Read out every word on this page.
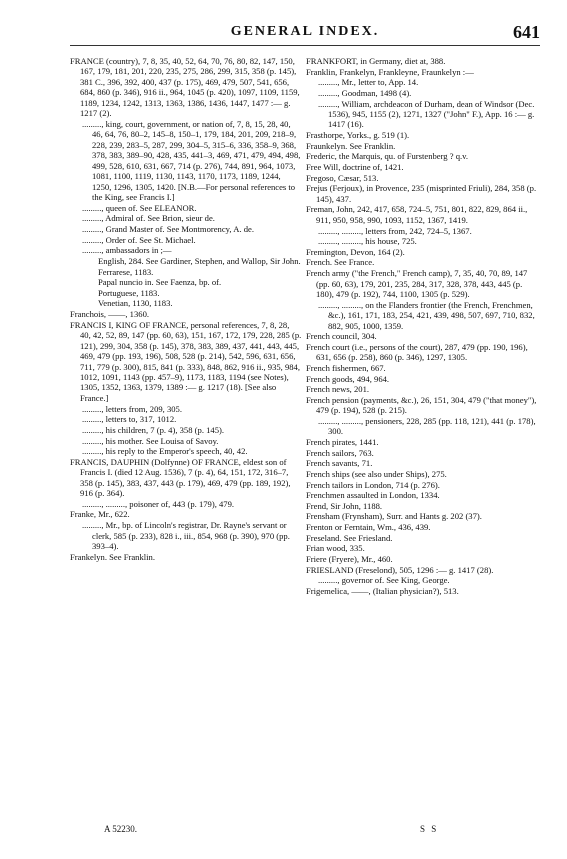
GENERAL INDEX.	641

FRANCE (country), 7, 8, 35, 40, 52, 64, 70, 76, 80, 82, 147, 150, 167, 179, 181, 201, 220, 235, 275, 286, 299, 315, 358 (p. 145), 381 C., 396, 392, 400, 437 (p. 175), 469, 479, 507, 541, 656, 684, 860 (p. 346), 916 ii., 964, 1045 (p. 420), 1097, 1109, 1159, 1189, 1234, 1242, 1313, 1363, 1386, 1436, 1447, 1477 :— g. 1217 (2).

........., king, court, government, or nation of, 7, 8, 15, 28, 40, 46, 64, 76, 80–2, 145–8, 150–1, 179, 184, 201, 209, 218–9, 228, 239, 283–5, 287, 299, 304–5, 315–6, 336, 358–9, 368, 378, 383, 389–90, 428, 435, 441–3, 469, 471, 479, 494, 498, 499, 528, 610, 631, 667, 714 (p. 276), 744, 891, 964, 1073, 1081, 1100, 1119, 1130, 1143, 1170, 1173, 1189, 1244, 1250, 1296, 1305, 1420. [N.B.—For personal references to the King, see Francis I.]

........., queen of. See ELEANOR.

........., Admiral of. See Brion, sieur de.

........., Grand Master of. See Montmorency, A. de.

........., Order of. See St. Michael.

........., ambassadors in ;—

English, 284. See Gardiner, Stephen, and Wallop, Sir John.

Ferrarese, 1183.

Papal nuncio in. See Faenza, bp. of.

Portuguese, 1183.

Venetian, 1130, 1183.

Franchois, ——, 1360.

FRANCIS I, KING OF FRANCE, personal references, 7, 8, 28, 40, 42, 52, 89, 147 (pp. 60, 63), 151, 167, 172, 179, 228, 285 (p. 121), 299, 304, 358 (p. 145), 378, 383, 389, 437, 441, 443, 445, 469, 479 (pp. 193, 196), 508, 528 (p. 214), 542, 596, 631, 656, 711, 779 (p. 300), 815, 841 (p. 333), 848, 862, 916 ii., 935, 984, 1012, 1091, 1143 (pp. 457–9), 1173, 1183, 1194 (see Notes), 1305, 1352, 1363, 1379, 1389 :— g. 1217 (18). [See also France.]

........., letters from, 209, 305.

........., letters to, 317, 1012.

........., his children, 7 (p. 4), 358 (p. 145).

........., his mother. See Louisa of Savoy.

........., his reply to the Emperor's speech, 40, 42.

FRANCIS, DAUPHIN (Dolfynne) OF FRANCE, eldest son of Francis I. (died 12 Aug. 1536), 7 (p. 4), 64, 151, 172, 316–7, 358 (p. 145), 383, 437, 443 (p. 179), 469, 479 (pp. 189, 192), 916 (p. 364).

........., ........., poisoner of, 443 (p. 179), 479.

Franke, Mr., 622.

........., Mr., bp. of Lincoln's registrar, Dr. Rayne's servant or clerk, 585 (p. 233), 828 i., iii., 854, 968 (p. 390), 970 (pp. 393–4).

Frankelyn. See Franklin.

FRANKFORT, in Germany, diet at, 388.

Franklin, Frankelyn, Frankleyne, Fraunkelyn :—

........., Mr., letter to, App. 14.

........., Goodman, 1498 (4).

........., William, archdeacon of Durham, dean of Windsor (Dec. 1536), 945, 1155 (2), 1271, 1327 ("John" F.), App. 16 :— g. 1417 (16).

Frasthorpe, Yorks., g. 519 (1).

Fraunkelyn. See Franklin.

Frederic, the Marquis, qu. of Furstenberg ? q.v.

Free Will, doctrine of, 1421.

Fregoso, Cæsar, 513.

Frejus (Ferjoux), in Provence, 235 (misprinted Friuli), 284, 358 (p. 145), 437.

Freman, John, 242, 417, 658, 724–5, 751, 801, 822, 829, 864 ii., 911, 950, 958, 990, 1093, 1152, 1367, 1419.

........., ........., letters from, 242, 724–5, 1367.

........., ........., his house, 725.

Fremington, Devon, 164 (2).

French. See France.

French army ("the French," French camp), 7, 35, 40, 70, 89, 147 (pp. 60, 63), 179, 201, 235, 284, 317, 328, 378, 443, 445 (p. 180), 479 (p. 192), 744, 1100, 1305 (p. 529).

........., ........., on the Flanders frontier (the French, Frenchmen, &c.), 161, 171, 183, 254, 421, 439, 498, 507, 697, 710, 832, 882, 905, 1000, 1359.

French council, 304.

French court (i.e., persons of the court), 287, 479 (pp. 190, 196), 631, 656 (p. 258), 860 (p. 346), 1297, 1305.

French fishermen, 667.

French goods, 494, 964.

French news, 201.

French pension (payments, &c.), 26, 151, 304, 479 ("that money"), 479 (p. 194), 528 (p. 215).

........., ........., pensioners, 228, 285 (pp. 118, 121), 441 (p. 178), 300.

French pirates, 1441.

French sailors, 763.

French savants, 71.

French ships (see also under Ships), 275.

French tailors in London, 714 (p. 276).

Frenchmen assaulted in London, 1334.

Frend, Sir John, 1188.

Frensham (Frynsham), Surr. and Hants g. 202 (37).

Frenton or Ferntain, Wm., 436, 439.

Freseland. See Friesland.

Frian wood, 335.

Friere (Fryere), Mr., 460.

FRIESLAND (Freselond), 505, 1296 :— g. 1417 (28).

........., governor of. See King, George.

Frigemelica, ——, (Italian physician?), 513.

A 52230.	S S
